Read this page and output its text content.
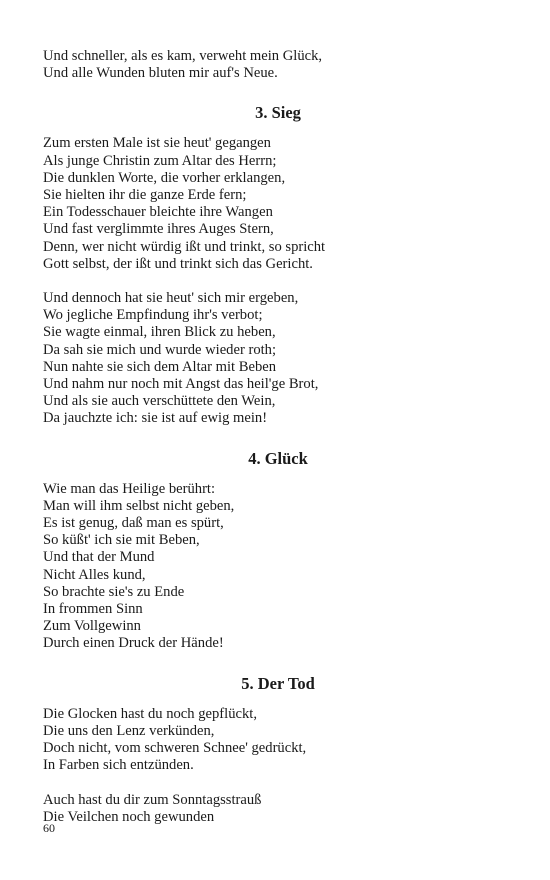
Und schneller, als es kam, verweht mein Glück,
Und alle Wunden bluten mir auf's Neue.
3. Sieg
Zum ersten Male ist sie heut' gegangen
Als junge Christin zum Altar des Herrn;
Die dunklen Worte, die vorher erklangen,
Sie hielten ihr die ganze Erde fern;
Ein Todesschauer bleichte ihre Wangen
Und fast verglimmte ihres Auges Stern,
Denn, wer nicht würdig ißt und trinkt, so spricht
Gott selbst, der ißt und trinkt sich das Gericht.
Und dennoch hat sie heut' sich mir ergeben,
Wo jegliche Empfindung ihr's verbot;
Sie wagte einmal, ihren Blick zu heben,
Da sah sie mich und wurde wieder roth;
Nun nahte sie sich dem Altar mit Beben
Und nahm nur noch mit Angst das heil'ge Brot,
Und als sie auch verschüttete den Wein,
Da jauchzte ich: sie ist auf ewig mein!
4. Glück
Wie man das Heilige berührt:
Man will ihm selbst nicht geben,
Es ist genug, daß man es spürt,
So küßt' ich sie mit Beben,
Und that der Mund
Nicht Alles kund,
So brachte sie's zu Ende
In frommen Sinn
Zum Vollgewinn
Durch einen Druck der Hände!
5. Der Tod
Die Glocken hast du noch gepflückt,
Die uns den Lenz verkünden,
Doch nicht, vom schweren Schnee' gedrückt,
In Farben sich entzünden.
Auch hast du dir zum Sonntagsstrauß
Die Veilchen noch gewunden
60
